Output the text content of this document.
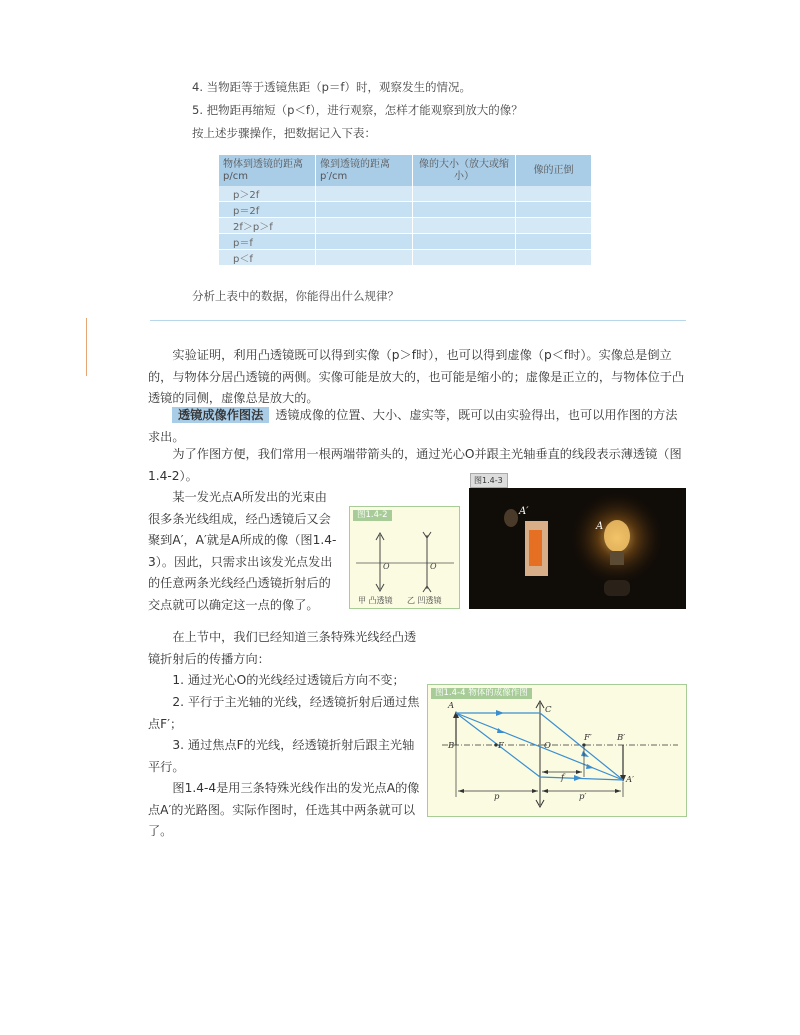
4. 当物距等于透镜焦距（p＝f）时，观察发生的情况。
5. 把物距再缩短（p＜f），进行观察，怎样才能观察到放大的像？
按上述步骤操作，把数据记入下表：
物体到透镜的距离p/cm	像到透镜的距离p′/cm	像的大小（放大或缩小）	像的正倒
p＞2f			
p＝2f			
2f＞p＞f			
p＝f			
p＜f			
分析上表中的数据，你能得出什么规律？
实验证明，利用凸透镜既可以得到实像（p＞f时），也可以得到虚像（p＜f时）。实像总是倒立的，与物体分居凸透镜的两侧。实像可能是放大的，也可能是缩小的；虚像是正立的，与物体位于凸透镜的同侧，虚像总是放大的。
透镜成像作图法 透镜成像的位置、大小、虚实等，既可以由实验得出，也可以用作图的方法求出。
为了作图方便，我们常用一根两端带箭头的，通过光心O并跟主光轴垂直的线段表示薄透镜（图1.4-2）。
某一发光点A所发出的光束由很多条光线组成，经凸透镜后又会聚到A′，A′就是A所成的像（图1.4-3）。因此，只需求出该发光点发出的任意两条光线经凸透镜折射后的交点就可以确定这一点的像了。
图1.4-2
O	O
甲 凸透镜 乙 凹透镜
图1.4-3
A′
A
在上节中，我们已经知道三条特殊光线经凸透镜折射后的传播方向：
1. 通过光心O的光线经过透镜后方向不变；
2. 平行于主光轴的光线，经透镜折射后通过焦点F′；
3. 通过焦点F的光线，经透镜折射后跟主光轴平行。
图1.4-4是用三条特殊光线作出的发光点A的像点A′的光路图。实际作图时，任选其中两条就可以了。
图1.4-4 物体的成像作图
A
B
C
F	O
F′	B′
A′
p	p′
f
